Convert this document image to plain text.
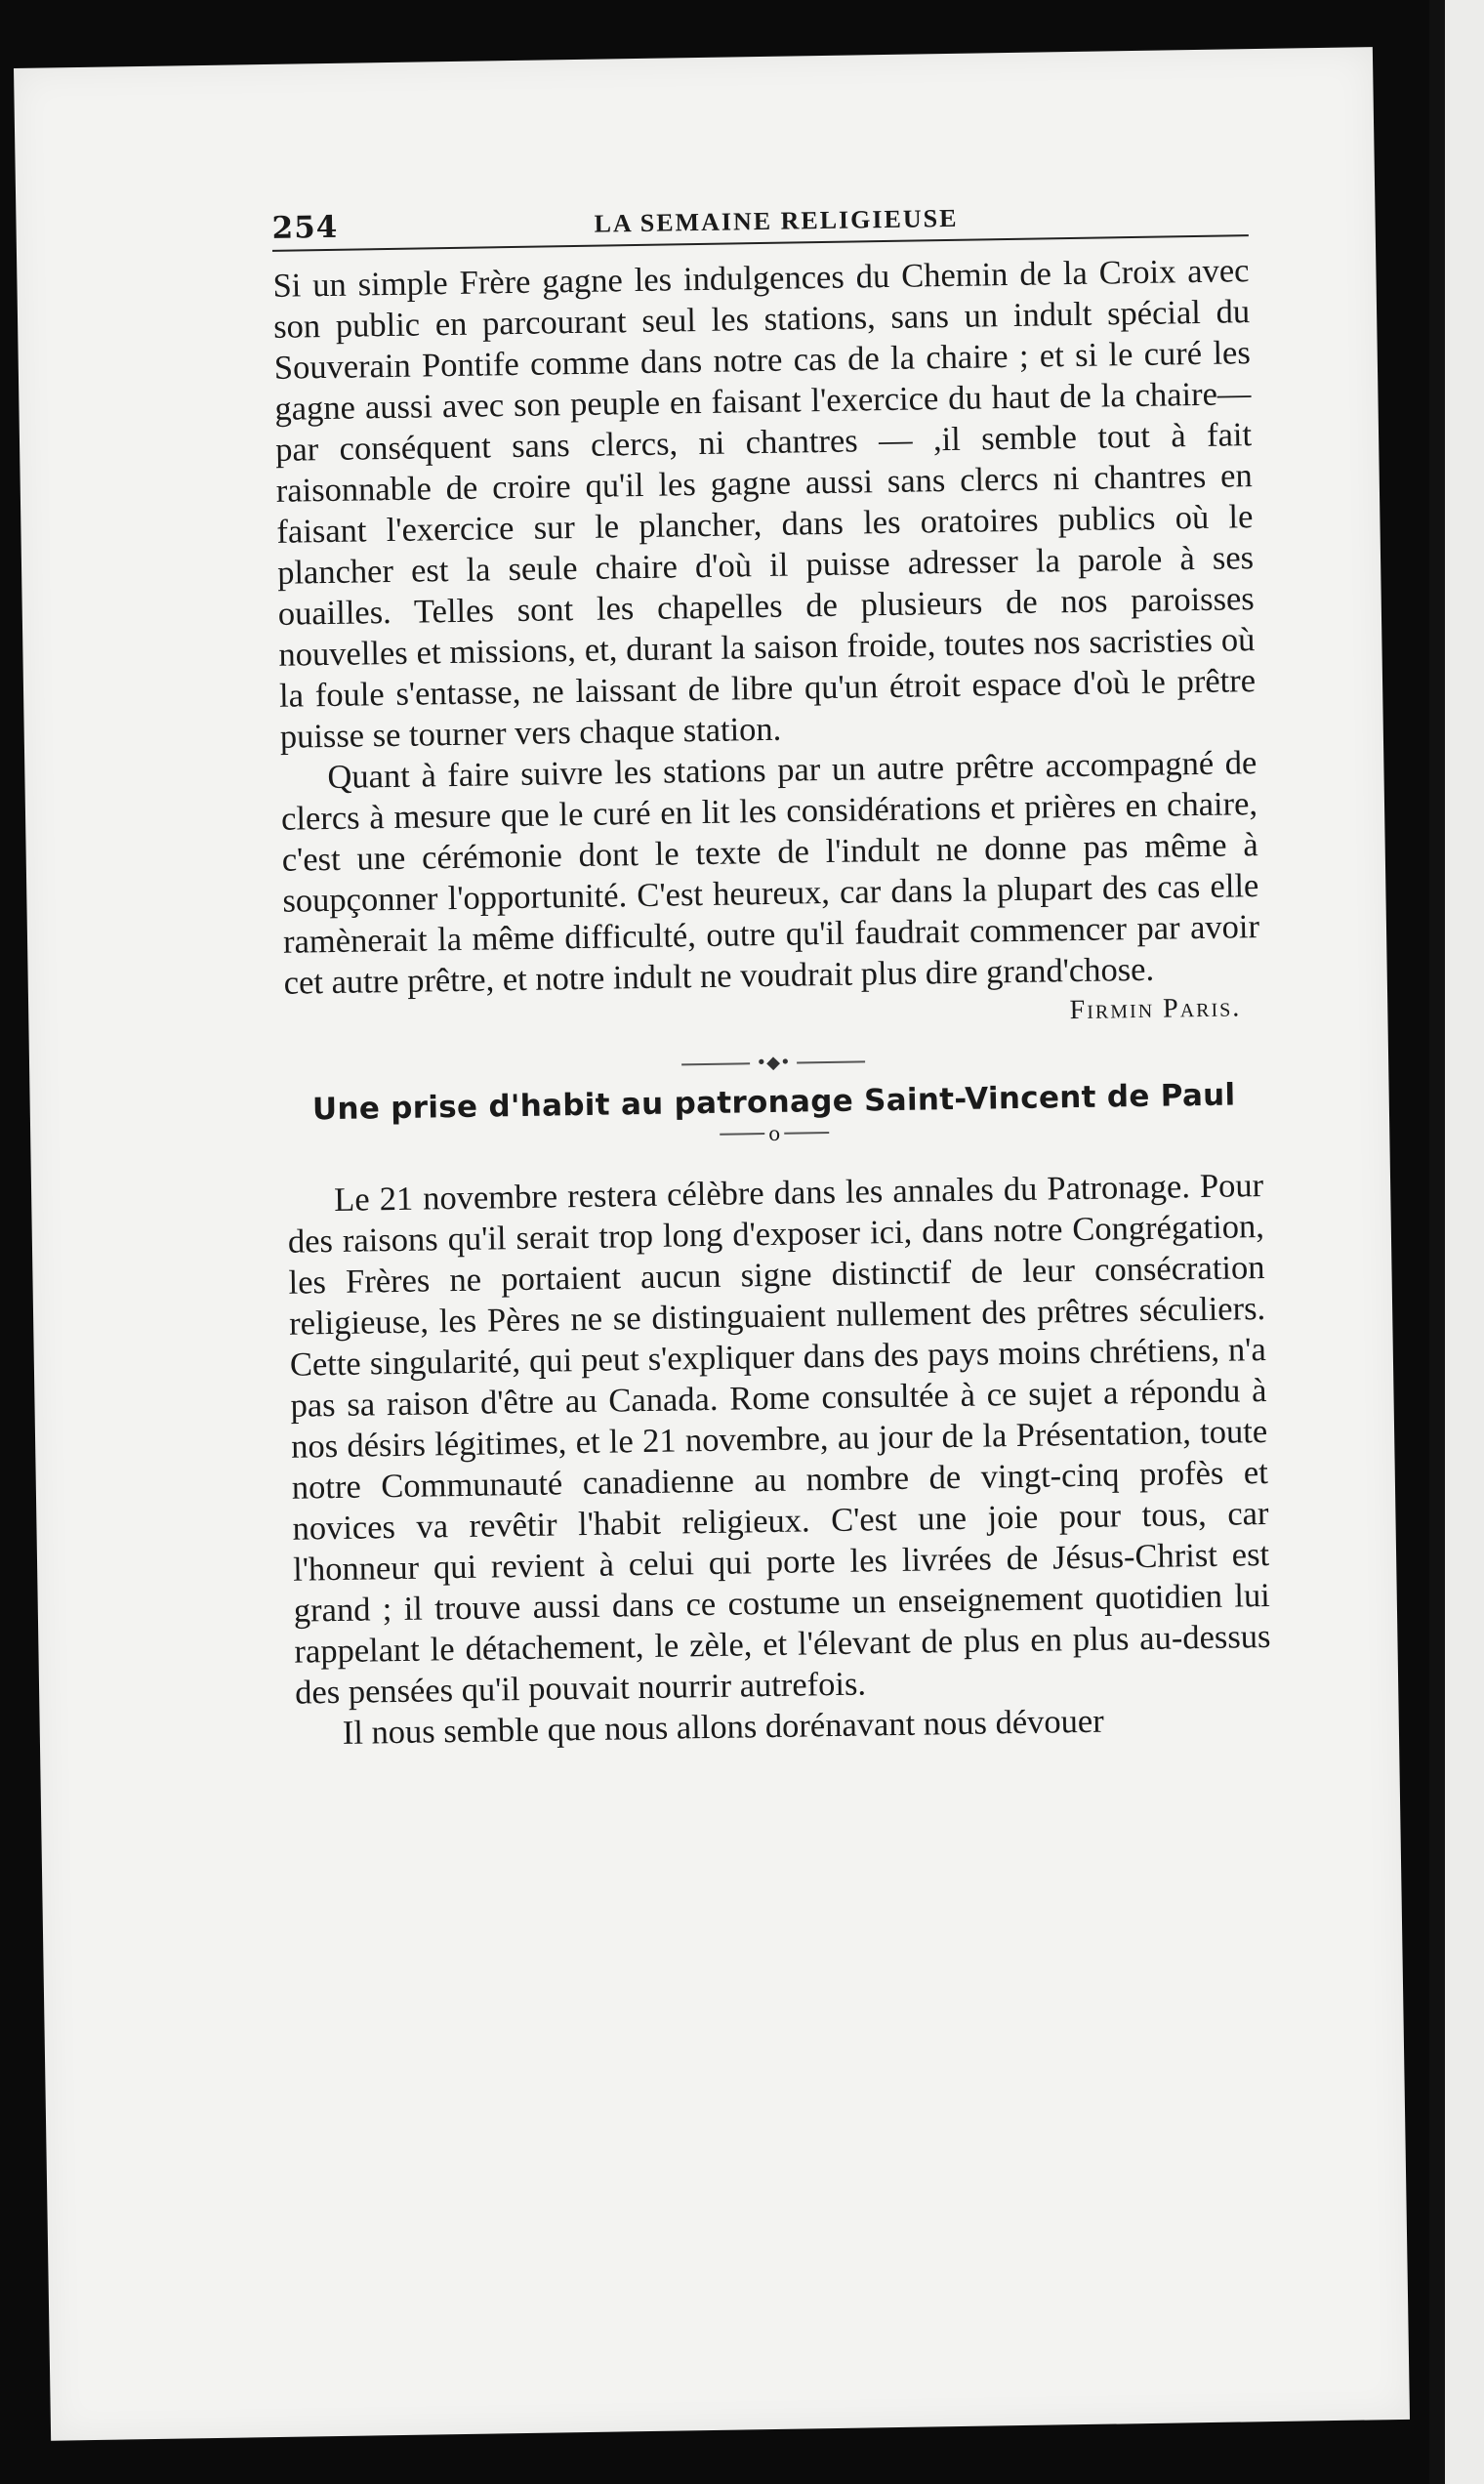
254	LA SEMAINE RELIGIEUSE

Si un simple Frère gagne les indulgences du Chemin de la Croix avec son public en parcourant seul les stations, sans un indult spécial du Souverain Pontife comme dans notre cas de la chaire ; et si le curé les gagne aussi avec son peuple en faisant l'exercice du haut de la chaire—par conséquent sans clercs, ni chantres — ,il semble tout à fait raisonnable de croire qu'il les gagne aussi sans clercs ni chantres en faisant l'exercice sur le plancher, dans les oratoires publics où le plancher est la seule chaire d'où il puisse adresser la parole à ses ouailles. Telles sont les chapelles de plusieurs de nos paroisses nouvelles et missions, et, durant la saison froide, toutes nos sacristies où la foule s'entasse, ne laissant de libre qu'un étroit espace d'où le prêtre puisse se tourner vers chaque station.

Quant à faire suivre les stations par un autre prêtre accompagné de clercs à mesure que le curé en lit les considérations et prières en chaire, c'est une cérémonie dont le texte de l'indult ne donne pas même à soupçonner l'opportunité. C'est heureux, car dans la plupart des cas elle ramènerait la même difficulté, outre qu'il faudrait commencer par avoir cet autre prêtre, et notre indult ne voudrait plus dire grand'chose.

Firmin Paris.

•◆•
Une prise d'habit au patronage Saint-Vincent de Paul
o

Le 21 novembre restera célèbre dans les annales du Patronage. Pour des raisons qu'il serait trop long d'exposer ici, dans notre Congrégation, les Frères ne portaient aucun signe distinctif de leur consécration religieuse, les Pères ne se distinguaient nullement des prêtres séculiers. Cette singularité, qui peut s'expliquer dans des pays moins chrétiens, n'a pas sa raison d'être au Canada. Rome consultée à ce sujet a répondu à nos désirs légitimes, et le 21 novembre, au jour de la Présentation, toute notre Communauté canadienne au nombre de vingt-cinq profès et novices va revêtir l'habit religieux. C'est une joie pour tous, car l'honneur qui revient à celui qui porte les livrées de Jésus-Christ est grand ; il trouve aussi dans ce costume un enseignement quotidien lui rappelant le détachement, le zèle, et l'élevant de plus en plus au-dessus des pensées qu'il pouvait nourrir autrefois.

Il nous semble que nous allons dorénavant nous dévouer
